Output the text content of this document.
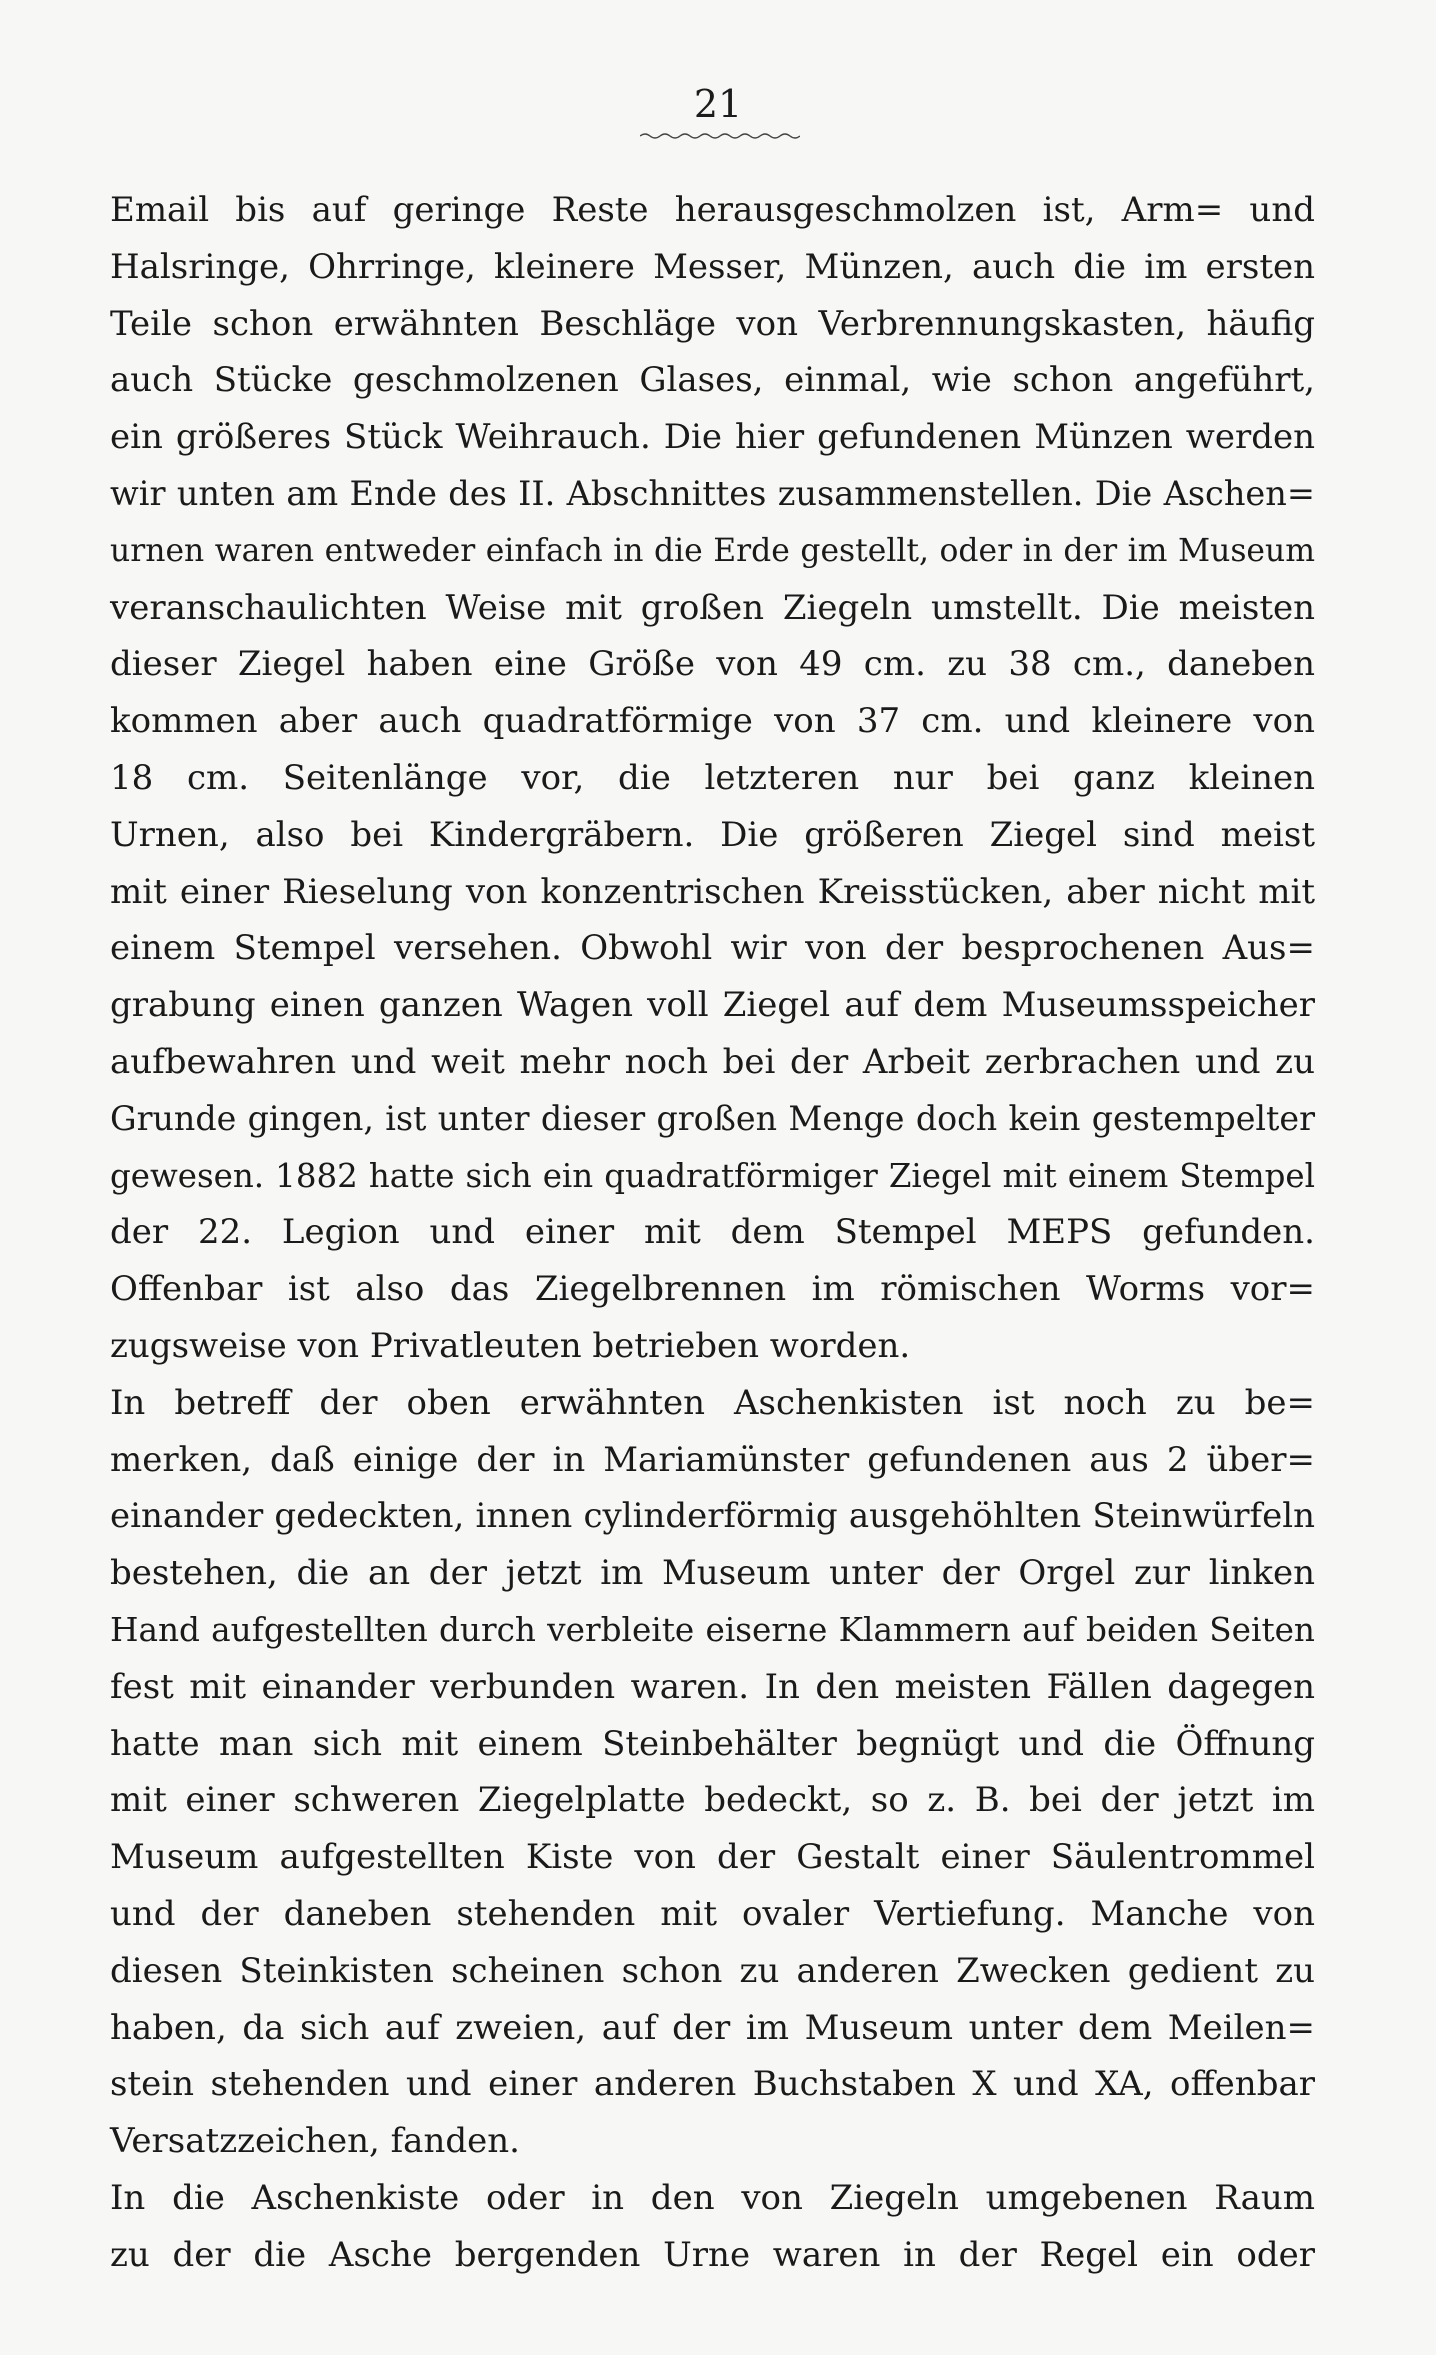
21
Email bis auf geringe Reste herausgeschmolzen ist, Arm= und
Halsringe, Ohrringe, kleinere Messer, Münzen, auch die im ersten
Teile schon erwähnten Beschläge von Verbrennungskasten, häufig
auch Stücke geschmolzenen Glases, einmal, wie schon angeführt,
ein größeres Stück Weihrauch. Die hier gefundenen Münzen werden
wir unten am Ende des II. Abschnittes zusammenstellen. Die Aschen=
urnen waren entweder einfach in die Erde gestellt, oder in der im Museum
veranschaulichten Weise mit großen Ziegeln umstellt. Die meisten
dieser Ziegel haben eine Größe von 49 cm. zu 38 cm., daneben
kommen aber auch quadratförmige von 37 cm. und kleinere von
18 cm. Seitenlänge vor, die letzteren nur bei ganz kleinen
Urnen, also bei Kindergräbern. Die größeren Ziegel sind meist
mit einer Rieselung von konzentrischen Kreisstücken, aber nicht mit
einem Stempel versehen. Obwohl wir von der besprochenen Aus=
grabung einen ganzen Wagen voll Ziegel auf dem Museumsspeicher
aufbewahren und weit mehr noch bei der Arbeit zerbrachen und zu
Grunde gingen, ist unter dieser großen Menge doch kein gestempelter
gewesen. 1882 hatte sich ein quadratförmiger Ziegel mit einem Stempel
der 22. Legion und einer mit dem Stempel MEPS gefunden.
Offenbar ist also das Ziegelbrennen im römischen Worms vor=
zugsweise von Privatleuten betrieben worden.
In betreff der oben erwähnten Aschenkisten ist noch zu be=
merken, daß einige der in Mariamünster gefundenen aus 2 über=
einander gedeckten, innen cylinderförmig ausgehöhlten Steinwürfeln
bestehen, die an der jetzt im Museum unter der Orgel zur linken
Hand aufgestellten durch verbleite eiserne Klammern auf beiden Seiten
fest mit einander verbunden waren. In den meisten Fällen dagegen
hatte man sich mit einem Steinbehälter begnügt und die Öffnung
mit einer schweren Ziegelplatte bedeckt, so z. B. bei der jetzt im
Museum aufgestellten Kiste von der Gestalt einer Säulentrommel
und der daneben stehenden mit ovaler Vertiefung. Manche von
diesen Steinkisten scheinen schon zu anderen Zwecken gedient zu
haben, da sich auf zweien, auf der im Museum unter dem Meilen=
stein stehenden und einer anderen Buchstaben X und XA, offenbar
Versatzzeichen, fanden.
In die Aschenkiste oder in den von Ziegeln umgebenen Raum
zu der die Asche bergenden Urne waren in der Regel ein oder
